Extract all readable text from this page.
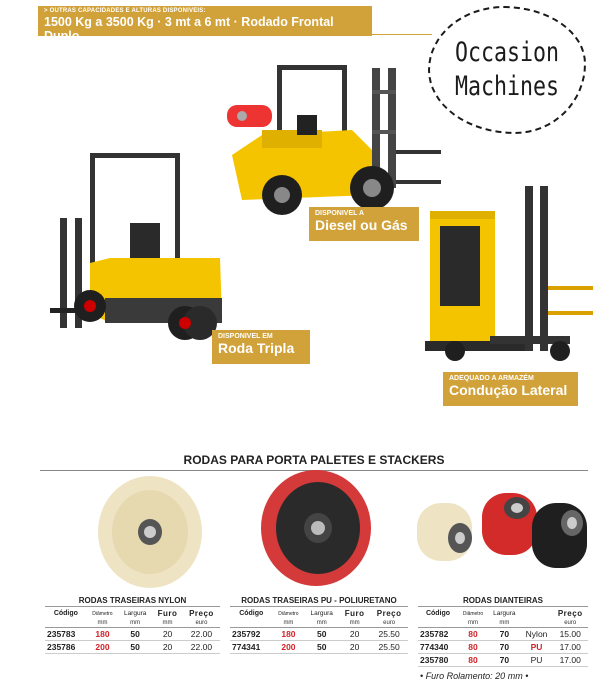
> OUTRAS CAPACIDADES E ALTURAS DISPONIVEIS:
1500 Kg a 3500 Kg · 3 mt a 6 mt · Rodado Frontal Duplo
Occasion
Machines
DISPONIVEL A
Diesel ou Gás
DISPONIVEL EM
Roda Tripla
ADEQUADO A ARMAZÉM
Condução Lateral
RODAS PARA PORTA PALETES E STACKERS
RODAS TRASEIRAS NYLON
Código	Diâmetro	Largura	Furo	Preço
	mm	mm	mm	euro
235783	180	50	20	22.00
235786	200	50	20	22.00
RODAS TRASEIRAS PU - POLIURETANO
Código	Diâmetro	Largura	Furo	Preço
	mm	mm	mm	euro
235792	180	50	20	25.50
774341	200	50	20	25.50
RODAS DIANTEIRAS
Código	Diâmetro	Largura		Preço
	mm	mm		euro
235782	80	70	Nylon	15.00
774340	80	70	PU	17.00
235780	80	70	PU	17.00
• Furo Rolamento: 20 mm •
